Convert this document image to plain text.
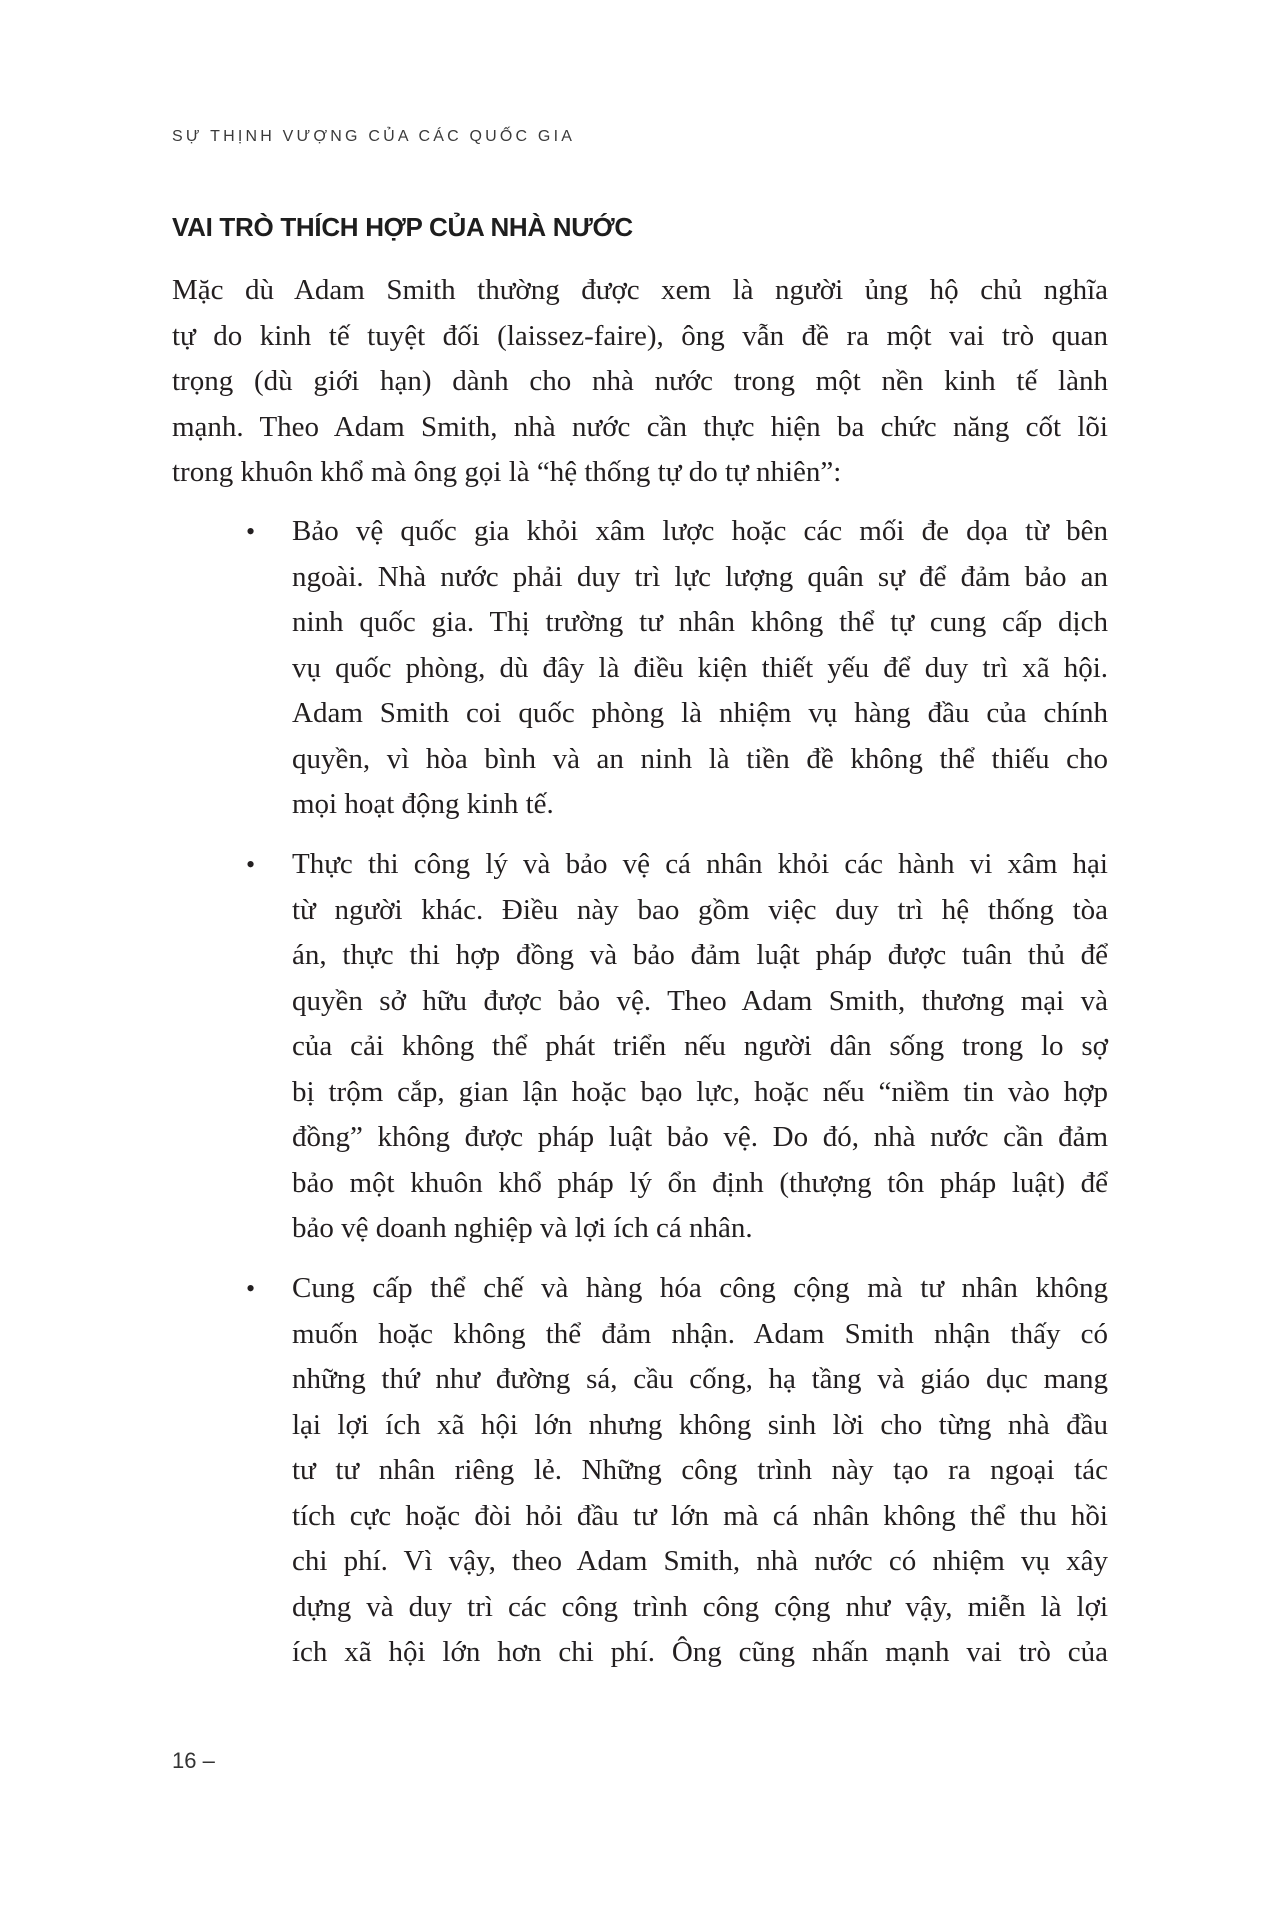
SỰ THỊNH VƯỢNG CỦA CÁC QUỐC GIA
VAI TRÒ THÍCH HỢP CỦA NHÀ NƯỚC
Mặc dù Adam Smith thường được xem là người ủng hộ chủ nghĩa
tự do kinh tế tuyệt đối (laissez-faire), ông vẫn đề ra một vai trò quan
trọng (dù giới hạn) dành cho nhà nước trong một nền kinh tế lành
mạnh. Theo Adam Smith, nhà nước cần thực hiện ba chức năng cốt lõi
trong khuôn khổ mà ông gọi là “hệ thống tự do tự nhiên”:
• Bảo vệ quốc gia khỏi xâm lược hoặc các mối đe dọa từ bên
ngoài. Nhà nước phải duy trì lực lượng quân sự để đảm bảo an
ninh quốc gia. Thị trường tư nhân không thể tự cung cấp dịch
vụ quốc phòng, dù đây là điều kiện thiết yếu để duy trì xã hội.
Adam Smith coi quốc phòng là nhiệm vụ hàng đầu của chính
quyền, vì hòa bình và an ninh là tiền đề không thể thiếu cho
mọi hoạt động kinh tế.
• Thực thi công lý và bảo vệ cá nhân khỏi các hành vi xâm hại
từ người khác. Điều này bao gồm việc duy trì hệ thống tòa
án, thực thi hợp đồng và bảo đảm luật pháp được tuân thủ để
quyền sở hữu được bảo vệ. Theo Adam Smith, thương mại và
của cải không thể phát triển nếu người dân sống trong lo sợ
bị trộm cắp, gian lận hoặc bạo lực, hoặc nếu “niềm tin vào hợp
đồng” không được pháp luật bảo vệ. Do đó, nhà nước cần đảm
bảo một khuôn khổ pháp lý ổn định (thượng tôn pháp luật) để
bảo vệ doanh nghiệp và lợi ích cá nhân.
• Cung cấp thể chế và hàng hóa công cộng mà tư nhân không
muốn hoặc không thể đảm nhận. Adam Smith nhận thấy có
những thứ như đường sá, cầu cống, hạ tầng và giáo dục mang
lại lợi ích xã hội lớn nhưng không sinh lời cho từng nhà đầu
tư tư nhân riêng lẻ. Những công trình này tạo ra ngoại tác
tích cực hoặc đòi hỏi đầu tư lớn mà cá nhân không thể thu hồi
chi phí. Vì vậy, theo Adam Smith, nhà nước có nhiệm vụ xây
dựng và duy trì các công trình công cộng như vậy, miễn là lợi
ích xã hội lớn hơn chi phí. Ông cũng nhấn mạnh vai trò của
16 –
